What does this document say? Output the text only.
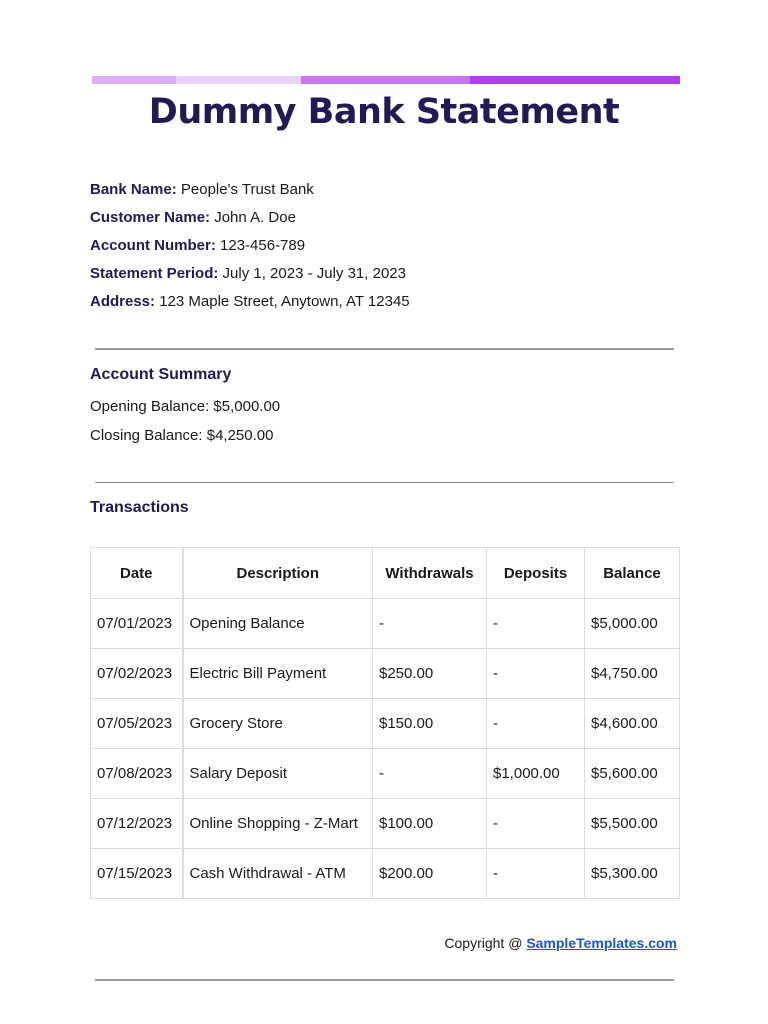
Dummy Bank Statement
Bank Name: People's Trust Bank
Customer Name: John A. Doe
Account Number: 123-456-789
Statement Period: July 1, 2023 - July 31, 2023
Address: 123 Maple Street, Anytown, AT 12345
Account Summary
Opening Balance: $5,000.00
Closing Balance: $4,250.00
Transactions
Date	Description	Withdrawals	Deposits	Balance
07/01/2023	Opening Balance	-	-	$5,000.00
07/02/2023	Electric Bill Payment	$250.00	-	$4,750.00
07/05/2023	Grocery Store	$150.00	-	$4,600.00
07/08/2023	Salary Deposit	-	$1,000.00	$5,600.00
07/12/2023	Online Shopping - Z-Mart	$100.00	-	$5,500.00
07/15/2023	Cash Withdrawal - ATM	$200.00	-	$5,300.00
Copyright @ SampleTemplates.com
